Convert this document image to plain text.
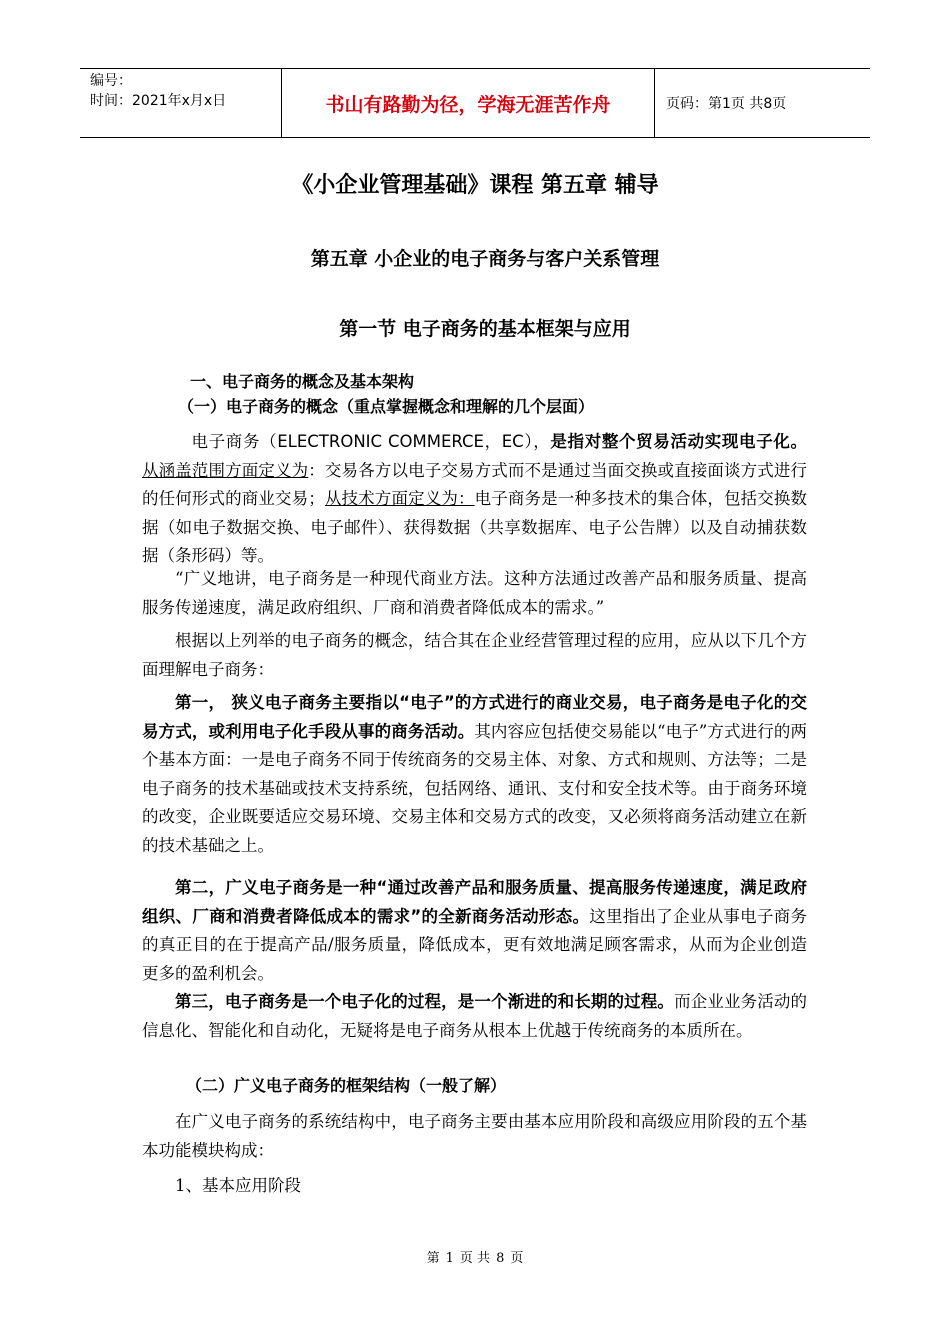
编号：
时间：2021年x月x日	书山有路勤为径，学海无涯苦作舟	页码：第1页 共8页
《小企业管理基础》课程 第五章 辅导
第五章 小企业的电子商务与客户关系管理
第一节 电子商务的基本框架与应用
一、电子商务的概念及基本架构
（一）电子商务的概念（重点掌握概念和理解的几个层面）

电子商务（ELECTRONIC COMMERCE，EC），是指对整个贸易活动实现电子化。从涵盖范围方面定义为：交易各方以电子交易方式而不是通过当面交换或直接面谈方式进行的任何形式的商业交易；从技术方面定义为：电子商务是一种多技术的集合体，包括交换数据（如电子数据交换、电子邮件）、获得数据（共享数据库、电子公告牌）以及自动捕获数据（条形码）等。

“广义地讲，电子商务是一种现代商业方法。这种方法通过改善产品和服务质量、提高服务传递速度，满足政府组织、厂商和消费者降低成本的需求。”

根据以上列举的电子商务的概念，结合其在企业经营管理过程的应用，应从以下几个方面理解电子商务：

第一， 狭义电子商务主要指以“电子”的方式进行的商业交易，电子商务是电子化的交易方式，或利用电子化手段从事的商务活动。其内容应包括使交易能以“电子”方式进行的两个基本方面：一是电子商务不同于传统商务的交易主体、对象、方式和规则、方法等；二是电子商务的技术基础或技术支持系统，包括网络、通讯、支付和安全技术等。由于商务环境的改变，企业既要适应交易环境、交易主体和交易方式的改变，又必须将商务活动建立在新的技术基础之上。

第二，广义电子商务是一种“通过改善产品和服务质量、提高服务传递速度，满足政府组织、厂商和消费者降低成本的需求”的全新商务活动形态。这里指出了企业从事电子商务的真正目的在于提高产品/服务质量，降低成本，更有效地满足顾客需求，从而为企业创造更多的盈利机会。

第三，电子商务是一个电子化的过程，是一个渐进的和长期的过程。而企业业务活动的信息化、智能化和自动化，无疑将是电子商务从根本上优越于传统商务的本质所在。

（二）广义电子商务的框架结构（一般了解）

在广义电子商务的系统结构中，电子商务主要由基本应用阶段和高级应用阶段的五个基本功能模块构成：

1、基本应用阶段

第 1 页 共 8 页
